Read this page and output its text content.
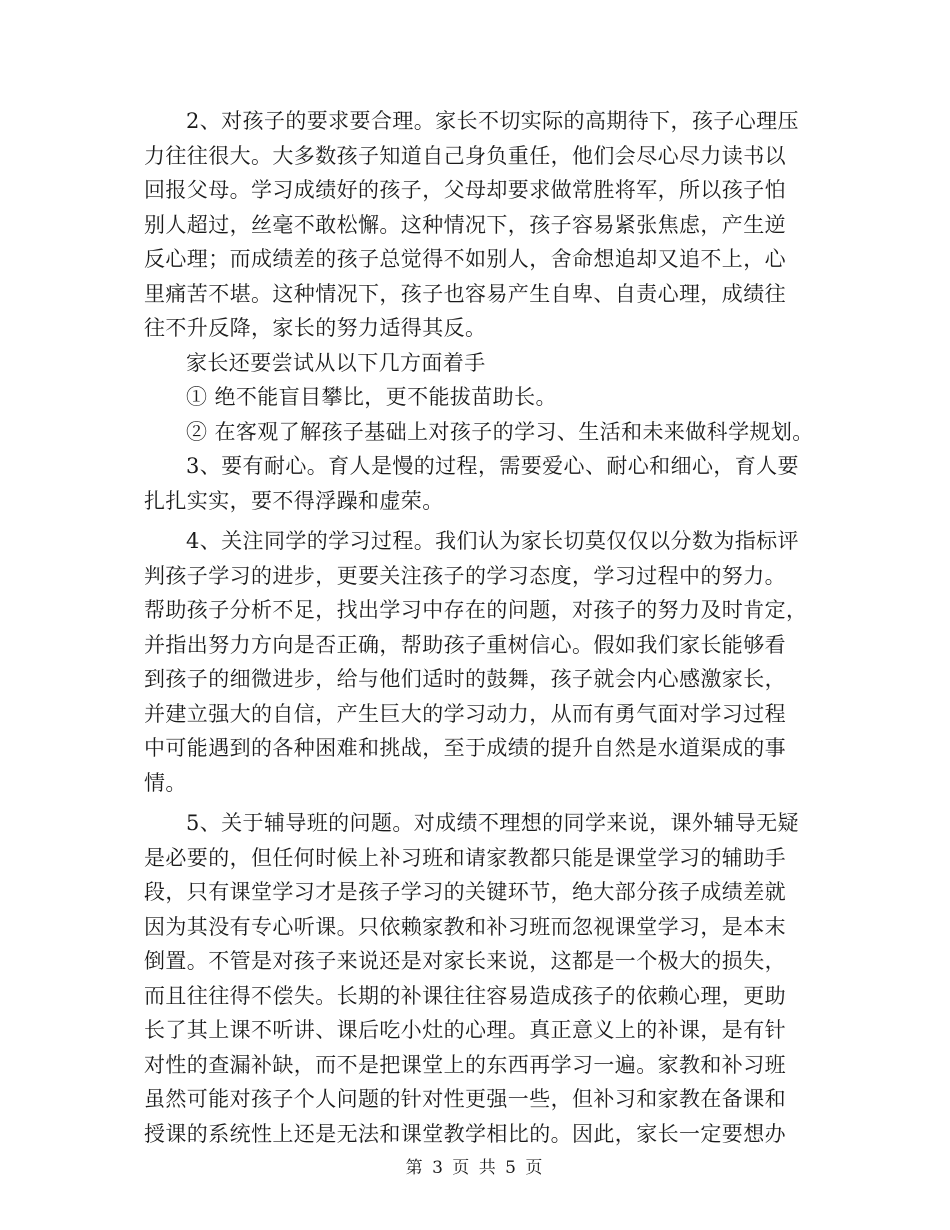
2、对孩子的要求要合理。家长不切实际的高期待下，孩子心理压
力往往很大。大多数孩子知道自己身负重任，他们会尽心尽力读书以
回报父母。学习成绩好的孩子，父母却要求做常胜将军，所以孩子怕
别人超过，丝毫不敢松懈。这种情况下，孩子容易紧张焦虑，产生逆
反心理；而成绩差的孩子总觉得不如别人，舍命想追却又追不上，心
里痛苦不堪。这种情况下，孩子也容易产生自卑、自责心理，成绩往
往不升反降，家长的努力适得其反。
家长还要尝试从以下几方面着手
① 绝不能盲目攀比，更不能拔苗助长。
② 在客观了解孩子基础上对孩子的学习、生活和未来做科学规划。
3、要有耐心。育人是慢的过程，需要爱心、耐心和细心，育人要
扎扎实实，要不得浮躁和虚荣。
4、关注同学的学习过程。我们认为家长切莫仅仅以分数为指标评
判孩子学习的进步，更要关注孩子的学习态度，学习过程中的努力。
帮助孩子分析不足，找出学习中存在的问题，对孩子的努力及时肯定，
并指出努力方向是否正确，帮助孩子重树信心。假如我们家长能够看
到孩子的细微进步，给与他们适时的鼓舞，孩子就会内心感激家长，
并建立强大的自信，产生巨大的学习动力，从而有勇气面对学习过程
中可能遇到的各种困难和挑战，至于成绩的提升自然是水道渠成的事
情。
5、关于辅导班的问题。对成绩不理想的同学来说，课外辅导无疑
是必要的，但任何时候上补习班和请家教都只能是课堂学习的辅助手
段，只有课堂学习才是孩子学习的关键环节，绝大部分孩子成绩差就
因为其没有专心听课。只依赖家教和补习班而忽视课堂学习，是本末
倒置。不管是对孩子来说还是对家长来说，这都是一个极大的损失，
而且往往得不偿失。长期的补课往往容易造成孩子的依赖心理，更助
长了其上课不听讲、课后吃小灶的心理。真正意义上的补课，是有针
对性的查漏补缺，而不是把课堂上的东西再学习一遍。家教和补习班
虽然可能对孩子个人问题的针对性更强一些，但补习和家教在备课和
授课的系统性上还是无法和课堂教学相比的。因此，家长一定要想办
第 3 页 共 5 页
